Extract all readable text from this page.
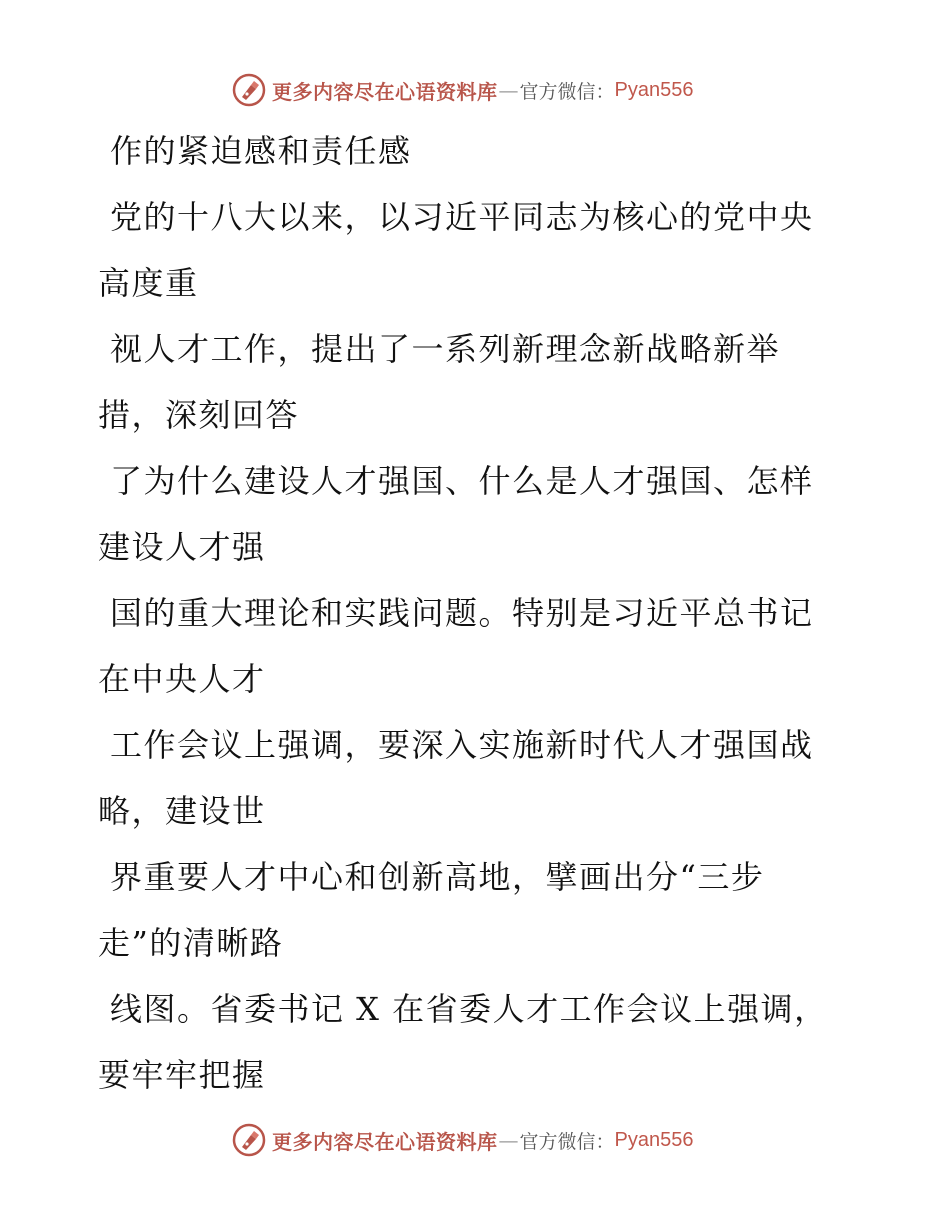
更多内容尽在心语资料库 — 官方微信： Pyan556

作的紧迫感和责任感

党的十八大以来，以习近平同志为核心的党中央
高度重

视人才工作，提出了一系列新理念新战略新举
措，深刻回答

了为什么建设人才强国、什么是人才强国、怎样
建设人才强

国的重大理论和实践问题。特别是习近平总书记
在中央人才

工作会议上强调，要深入实施新时代人才强国战
略，建设世

界重要人才中心和创新高地，擘画出分“三步
走”的清晰路

线图。省委书记 X 在省委人才工作会议上强调，
要牢牢把握

更多内容尽在心语资料库 — 官方微信： Pyan556
